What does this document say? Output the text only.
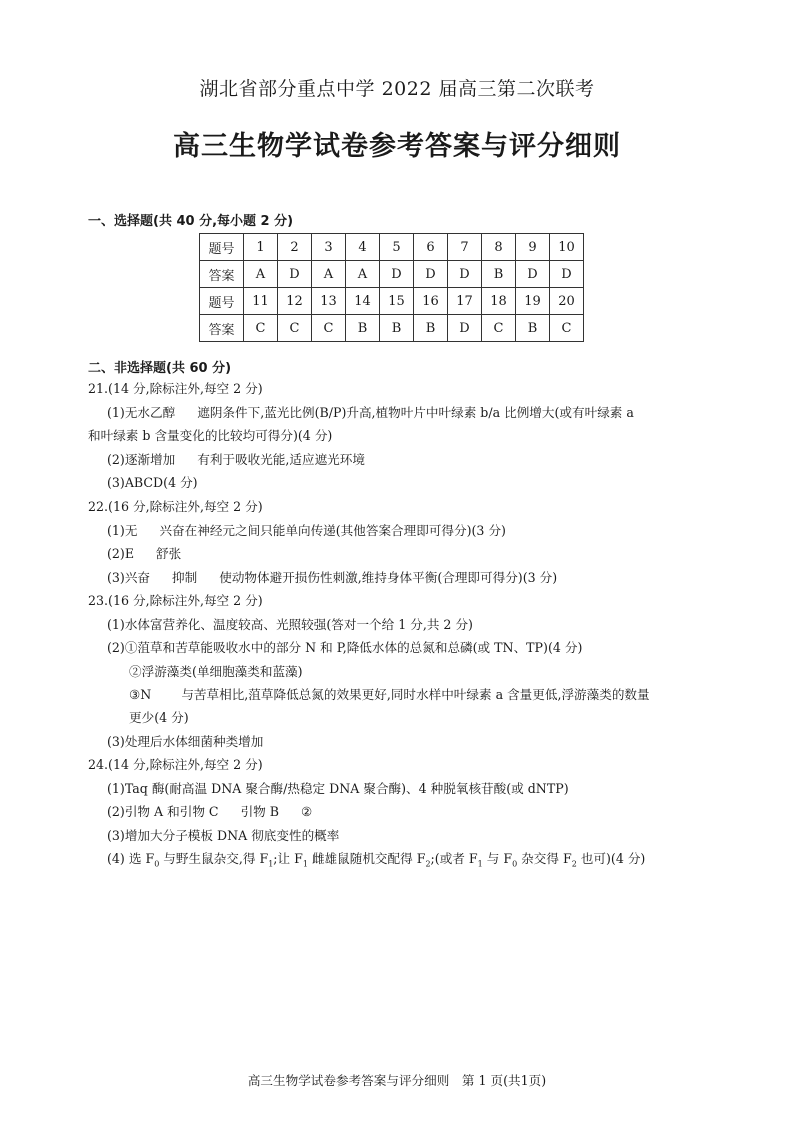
湖北省部分重点中学 2022 届高三第二次联考
高三生物学试卷参考答案与评分细则
一、选择题(共 40 分,每小题 2 分)
题号	1	2	3	4	5	6	7	8	9	10
答案	A	D	A	A	D	D	D	B	D	D
题号	11	12	13	14	15	16	17	18	19	20
答案	C	C	C	B	B	B	D	C	B	C
二、非选择题(共 60 分)
21.(14 分,除标注外,每空 2 分)
(1)无水乙醇 遮阴条件下,蓝光比例(B/P)升高,植物叶片中叶绿素 b/a 比例增大(或有叶绿素 a
和叶绿素 b 含量变化的比较均可得分)(4 分)
(2)逐渐增加 有利于吸收光能,适应遮光环境
(3)ABCD(4 分)
22.(16 分,除标注外,每空 2 分)
(1)无 兴奋在神经元之间只能单向传递(其他答案合理即可得分)(3 分)
(2)E 舒张
(3)兴奋 抑制 使动物体避开损伤性刺激,维持身体平衡(合理即可得分)(3 分)
23.(16 分,除标注外,每空 2 分)
(1)水体富营养化、温度较高、光照较强(答对一个给 1 分,共 2 分)
(2)①菹草和苦草能吸收水中的部分 N 和 P,降低水体的总氮和总磷(或 TN、TP)(4 分)
②浮游藻类(单细胞藻类和蓝藻)
③N 与苦草相比,菹草降低总氮的效果更好,同时水样中叶绿素 a 含量更低,浮游藻类的数量
更少(4 分)
(3)处理后水体细菌种类增加
24.(14 分,除标注外,每空 2 分)
(1)Taq 酶(耐高温 DNA 聚合酶/热稳定 DNA 聚合酶)、4 种脱氧核苷酸(或 dNTP)
(2)引物 A 和引物 C 引物 B ②
(3)增加大分子模板 DNA 彻底变性的概率
(4) 选 $F_0$ 与野生鼠杂交,得 $F_1$;让 $F_1$ 雌雄鼠随机交配得 $F_2$;(或者 $F_1$ 与 $F_0$ 杂交得 $F_2$ 也可)(4 分)
高三生物学试卷参考答案与评分细则　第 1 页(共1页)
